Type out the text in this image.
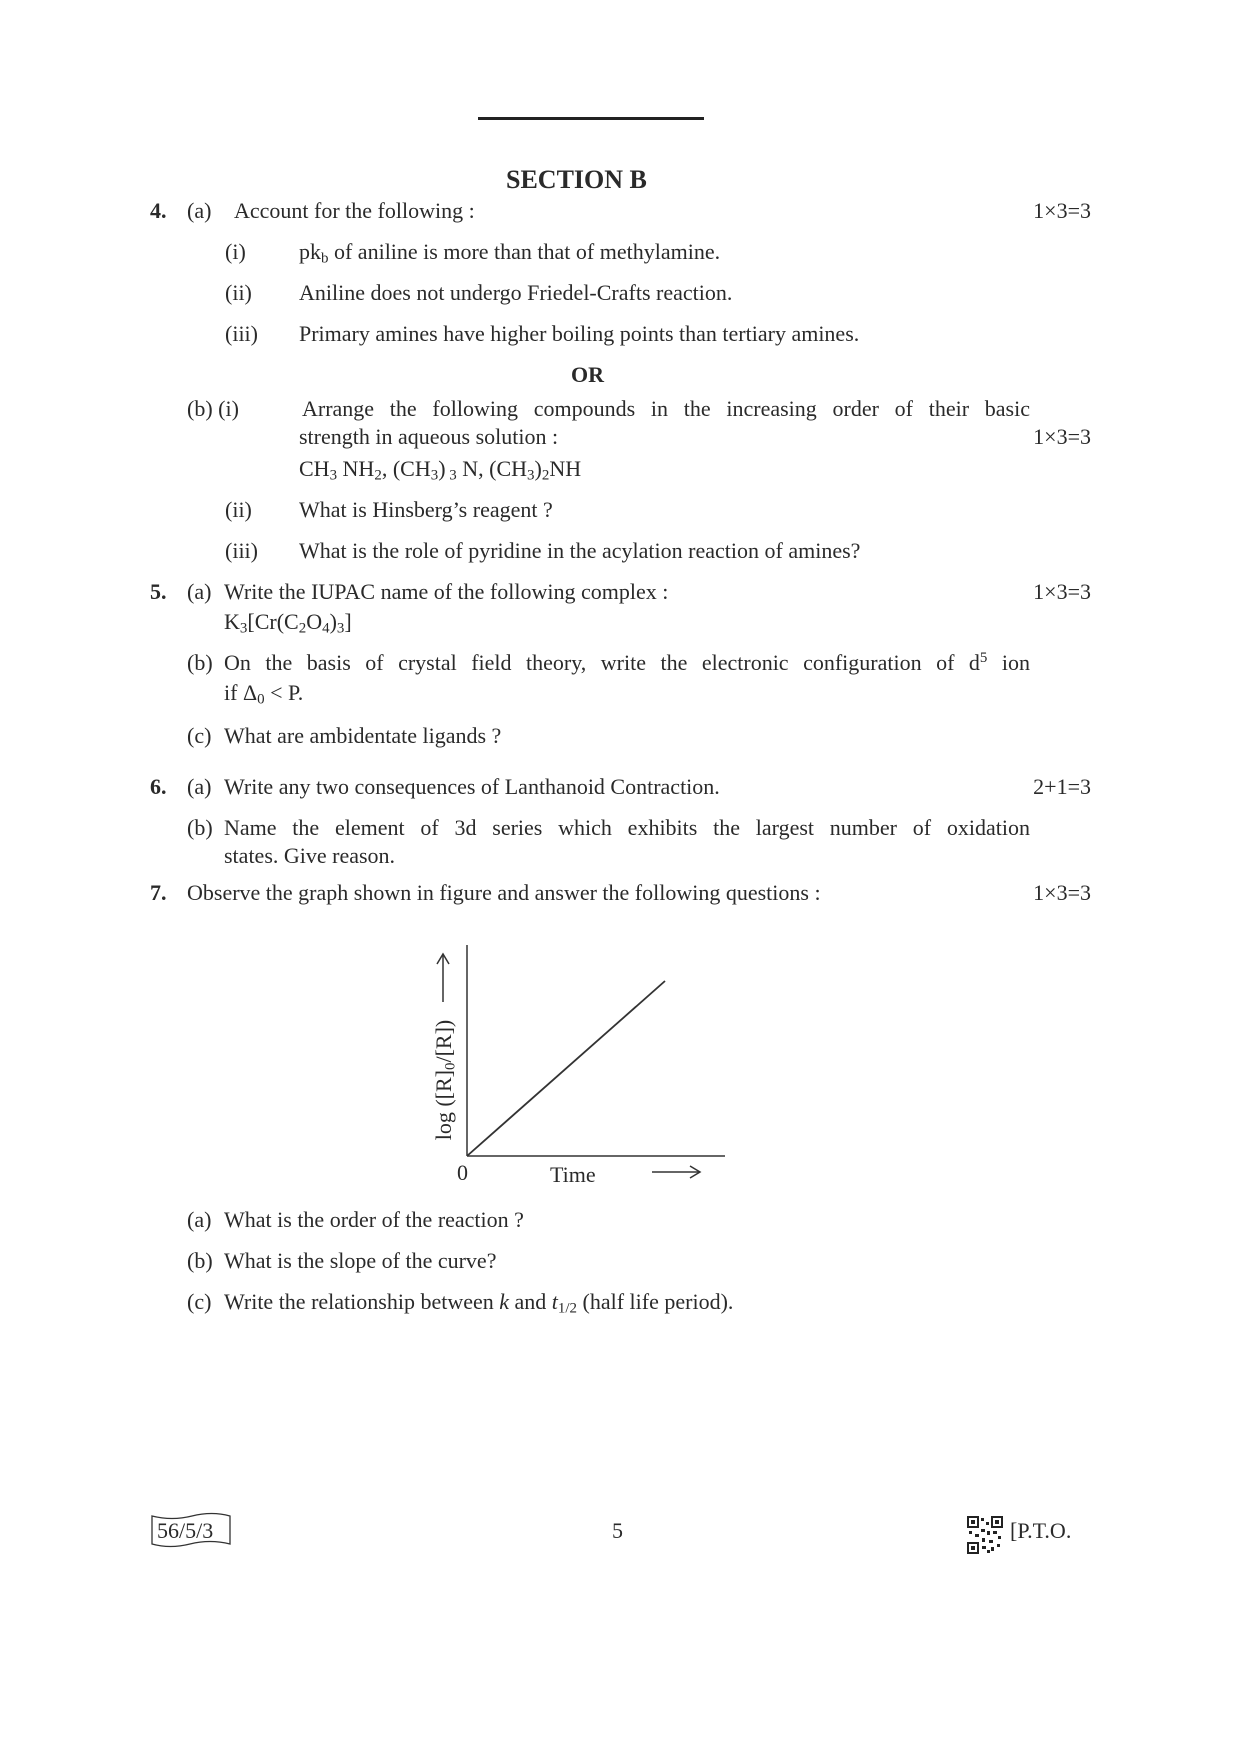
SECTION B
4. (a) Account for the following :	1×3=3
(i) $pk_b$ of aniline is more than that of methylamine.
(ii) Aniline does not undergo Friedel-Crafts reaction.
(iii) Primary amines have higher boiling points than tertiary amines.
OR
(b) (i)	Arrange the following compounds in the increasing order of their basic
strength in aqueous solution :	1×3=3
$CH_3$ $NH_2$, $(CH_3)$ $_3$ N, $(CH_3)_2NH$
(ii) What is Hinsberg’s reagent ?
(iii) What is the role of pyridine in the acylation reaction of amines?
5. (a) Write the IUPAC name of the following complex :	1×3=3
$K_3[Cr(C_2O_4)_3]$
(b) On the basis of crystal field theory, write the electronic configuration of $d^5$ ion
if $\Delta_0 < P$.
(c) What are ambidentate ligands ?
6. (a) Write any two consequences of Lanthanoid Contraction.	2+1=3
(b) Name the element of 3d series which exhibits the largest number of oxidation
states. Give reason.
7. Observe the graph shown in figure and answer the following questions :	1×3=3
0	Time
$\log ([R]_0/[R])$
(a) What is the order of the reaction ?
(b) What is the slope of the curve?
(c) Write the relationship between k and $t_{1/2}$ (half life period).
56/5/3	5	[P.T.O.
